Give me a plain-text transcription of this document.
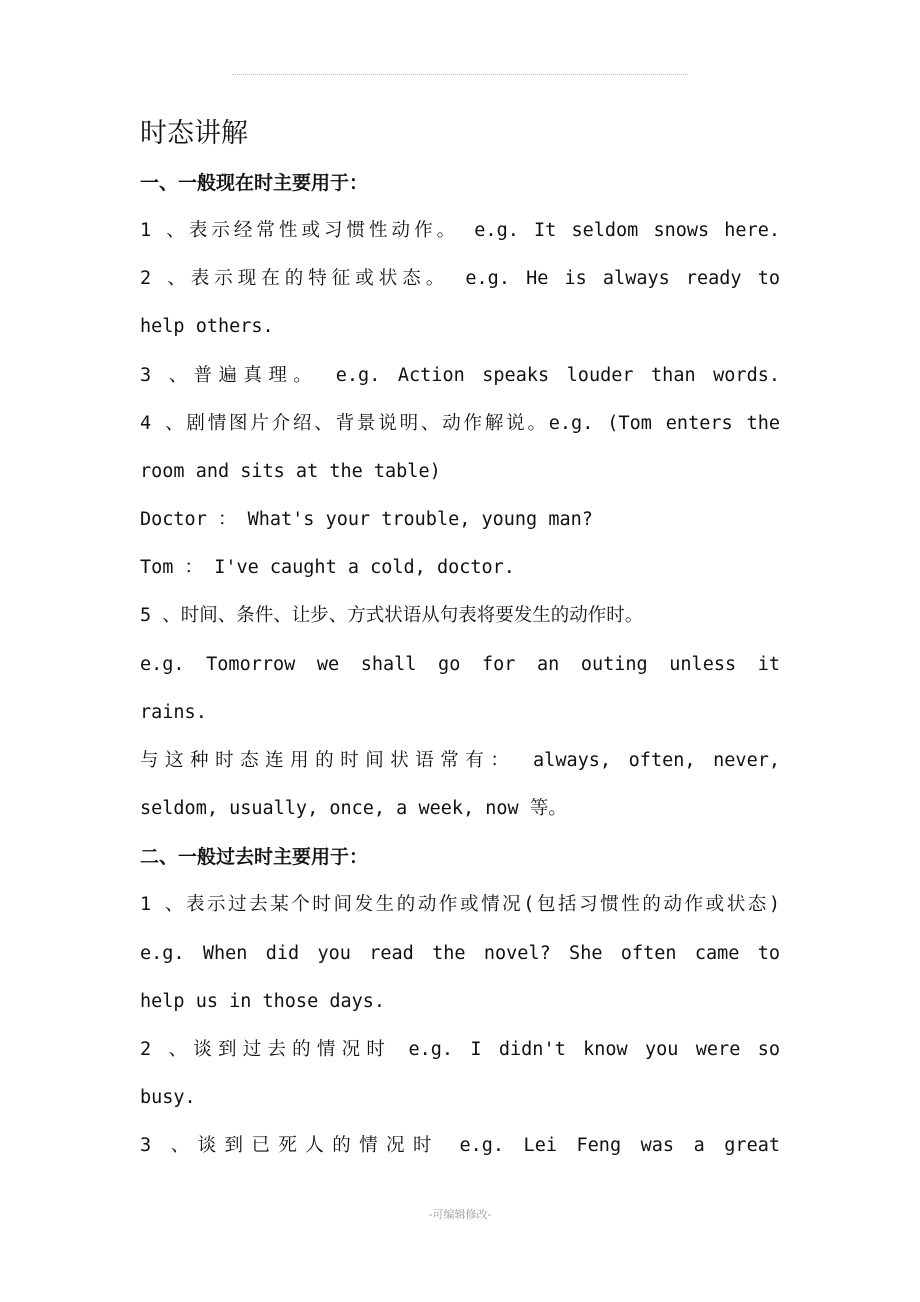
时态讲解
一、一般现在时主要用于：

1 、表示经常性或习惯性动作。 e.g. It seldom snows here.

2 、表示现在的特征或状态。 e.g. He is always ready to

help others.

3 、普遍真理。 e.g. Action speaks louder than words.

4 、剧情图片介绍、背景说明、动作解说。e.g. (Tom enters the

room and sits at the table)

Doctor ： What's your trouble, young man?

Tom ： I've caught a cold, doctor.

5 、时间、条件、让步、方式状语从句表将要发生的动作时。

e.g. Tomorrow we shall go for an outing unless it

rains.

与这种时态连用的时间状语常有： always, often, never,

seldom, usually, once, a week, now 等。

二、一般过去时主要用于：

1 、表示过去某个时间发生的动作或情况(包括习惯性的动作或状态)

e.g. When did you read the novel? She often came to

help us in those days.

2 、谈到过去的情况时 e.g. I didn't know you were so

busy.

3 、谈到已死人的情况时 e.g. Lei Feng was a great

-可编辑修改-
